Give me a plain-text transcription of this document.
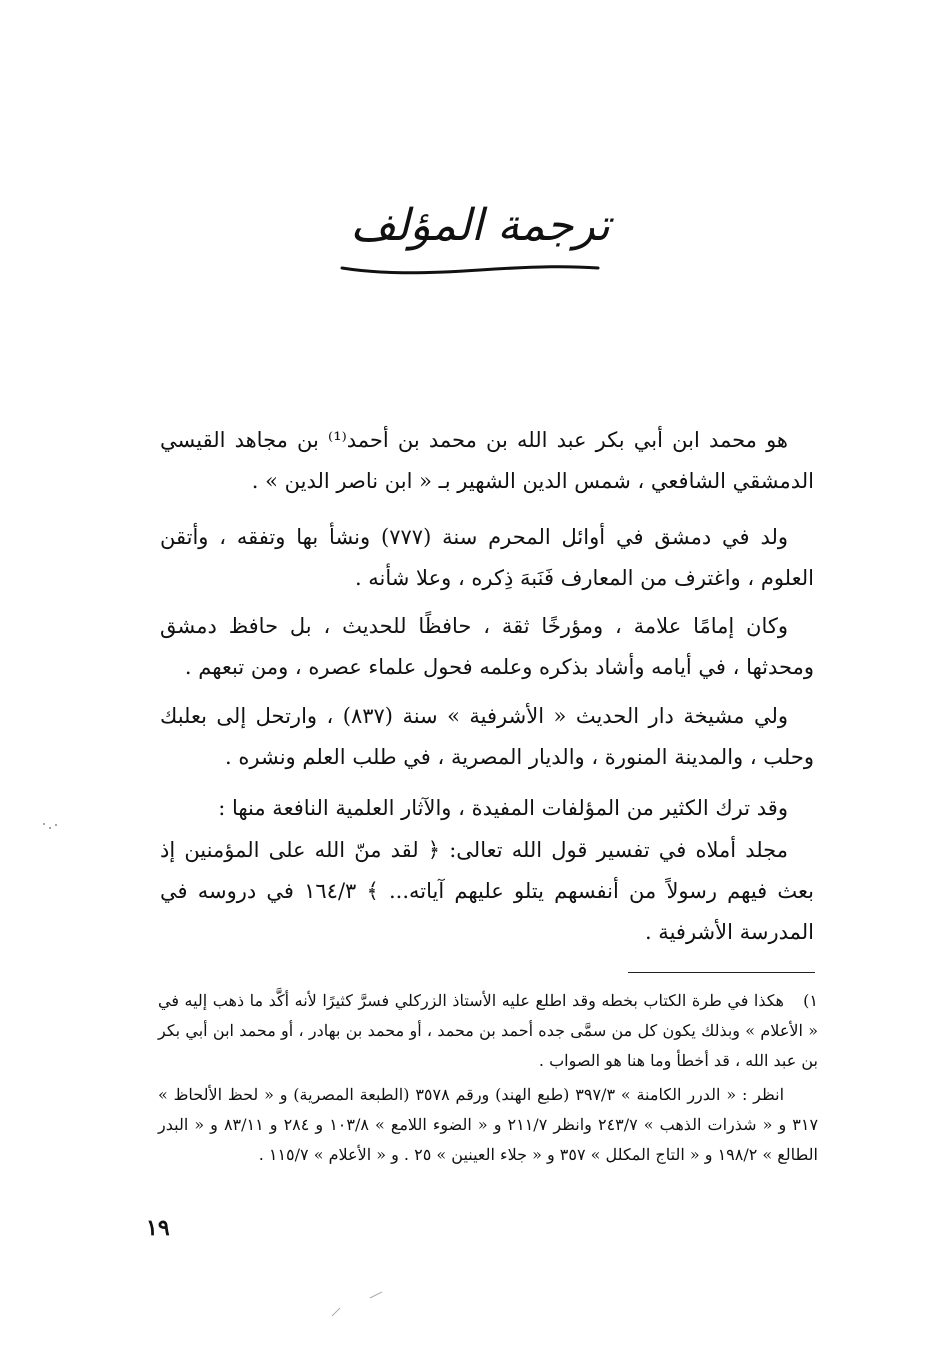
ترجمة المؤلف

هو محمد ابن أبي بكر عبد الله بن محمد بن أحمد⁽¹⁾ بن مجاهد القيسي الدمشقي الشافعي ، شمس الدين الشهير بـ « ابن ناصر الدين » .

ولد في دمشق في أوائل المحرم سنة (٧٧٧) ونشأ بها وتفقه ، وأتقن العلوم ، واغترف من المعارف فَنَبهَ ذِكره ، وعلا شأنه .

وكان إمامًا علامة ، ومؤرخًا ثقة ، حافظًا للحديث ، بل حافظ دمشق ومحدثها ، في أيامه وأشاد بذكره وعلمه فحول علماء عصره ، ومن تبعهم .

ولي مشيخة دار الحديث « الأشرفية » سنة (٨٣٧) ، وارتحل إلى بعلبك وحلب ، والمدينة المنورة ، والديار المصرية ، في طلب العلم ونشره .

وقد ترك الكثير من المؤلفات المفيدة ، والآثار العلمية النافعة منها :

مجلد أملاه في تفسير قول الله تعالى: ﴿ لقد منّ الله على المؤمنين إذ بعث فيهم رسولاً من أنفسهم يتلو عليهم آياته... ﴾ ١٦٤/٣ في دروسه في المدرسة الأشرفية .

١)هكذا في طرة الكتاب بخطه وقد اطلع عليه الأستاذ الزركلي فسرَّ كثيرًا لأنه أكَّد ما ذهب إليه في « الأعلام » وبذلك يكون كل من سمَّى جده أحمد بن محمد ، أو محمد بن بهادر ، أو محمد ابن أبي بكر بن عبد الله ، قد أخطأ وما هنا هو الصواب .

انظر : « الدرر الكامنة » ٣٩٧/٣ (طبع الهند) ورقم ٣٥٧٨ (الطبعة المصرية) و « لحظ الألحاظ » ٣١٧ و « شذرات الذهب » ٢٤٣/٧ وانظر ٢١١/٧ و « الضوء اللامع » ١٠٣/٨ و ٢٨٤ و ٨٣/١١ و « البدر الطالع » ١٩٨/٢ و « التاج المكلل » ٣٥٧ و « جلاء العينين » ٢٥ . و « الأعلام » ١١٥/٧ .

١٩
